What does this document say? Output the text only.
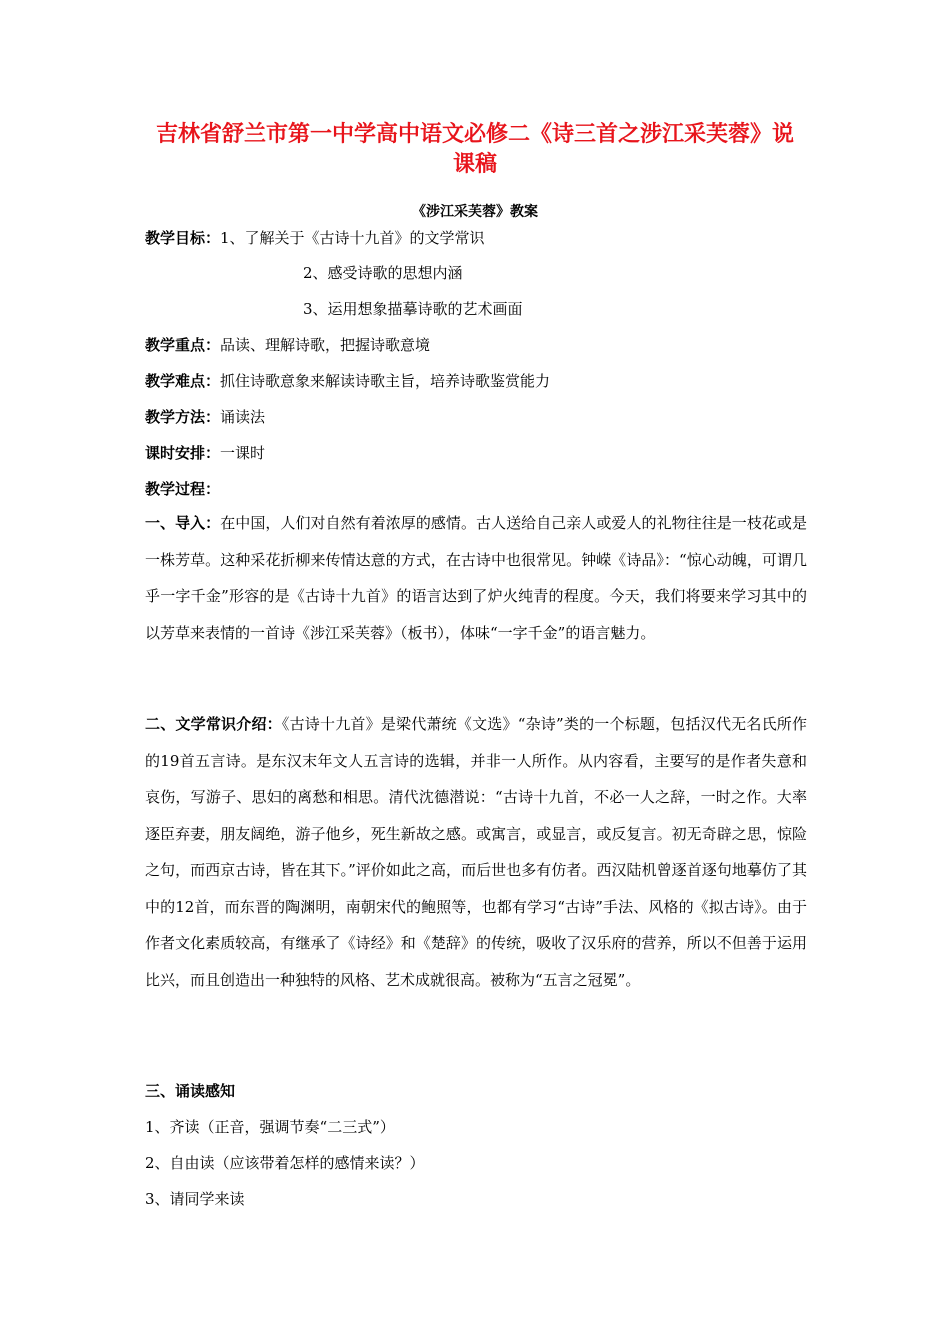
吉林省舒兰市第一中学高中语文必修二《诗三首之涉江采芙蓉》说
课稿
《涉江采芙蓉》教案
教学目标：1、了解关于《古诗十九首》的文学常识
2、感受诗歌的思想内涵
3、运用想象描摹诗歌的艺术画面
教学重点：品读、理解诗歌，把握诗歌意境
教学难点：抓住诗歌意象来解读诗歌主旨，培养诗歌鉴赏能力
教学方法：诵读法
课时安排：一课时
教学过程：

一、导入：在中国，人们对自然有着浓厚的感情。古人送给自己亲人或爱人的礼物往往是一枝花或是一株芳草。这种采花折柳来传情达意的方式，在古诗中也很常见。钟嵘《诗品》：“惊心动魄，可谓几乎一字千金”形容的是《古诗十九首》的语言达到了炉火纯青的程度。今天，我们将要来学习其中的以芳草来表情的一首诗《涉江采芙蓉》（板书），体味“一字千金”的语言魅力。

二、文学常识介绍：《古诗十九首》是梁代萧统《文选》“杂诗”类的一个标题，包括汉代无名氏所作的19首五言诗。是东汉末年文人五言诗的选辑，并非一人所作。从内容看，主要写的是作者失意和哀伤，写游子、思妇的离愁和相思。清代沈德潜说：“古诗十九首，不必一人之辞，一时之作。大率逐臣弃妻，朋友阔绝，游子他乡，死生新故之感。或寓言，或显言，或反复言。初无奇辟之思，惊险之句，而西京古诗，皆在其下。”评价如此之高，而后世也多有仿者。西汉陆机曾逐首逐句地摹仿了其中的12首，而东晋的陶渊明，南朝宋代的鲍照等，也都有学习“古诗”手法、风格的《拟古诗》。由于作者文化素质较高，有继承了《诗经》和《楚辞》的传统，吸收了汉乐府的营养，所以不但善于运用比兴，而且创造出一种独特的风格、艺术成就很高。被称为“五言之冠冕”。

三、诵读感知
1、齐读（正音，强调节奏“二三式”）
2、自由读（应该带着怎样的感情来读？）
3、请同学来读
